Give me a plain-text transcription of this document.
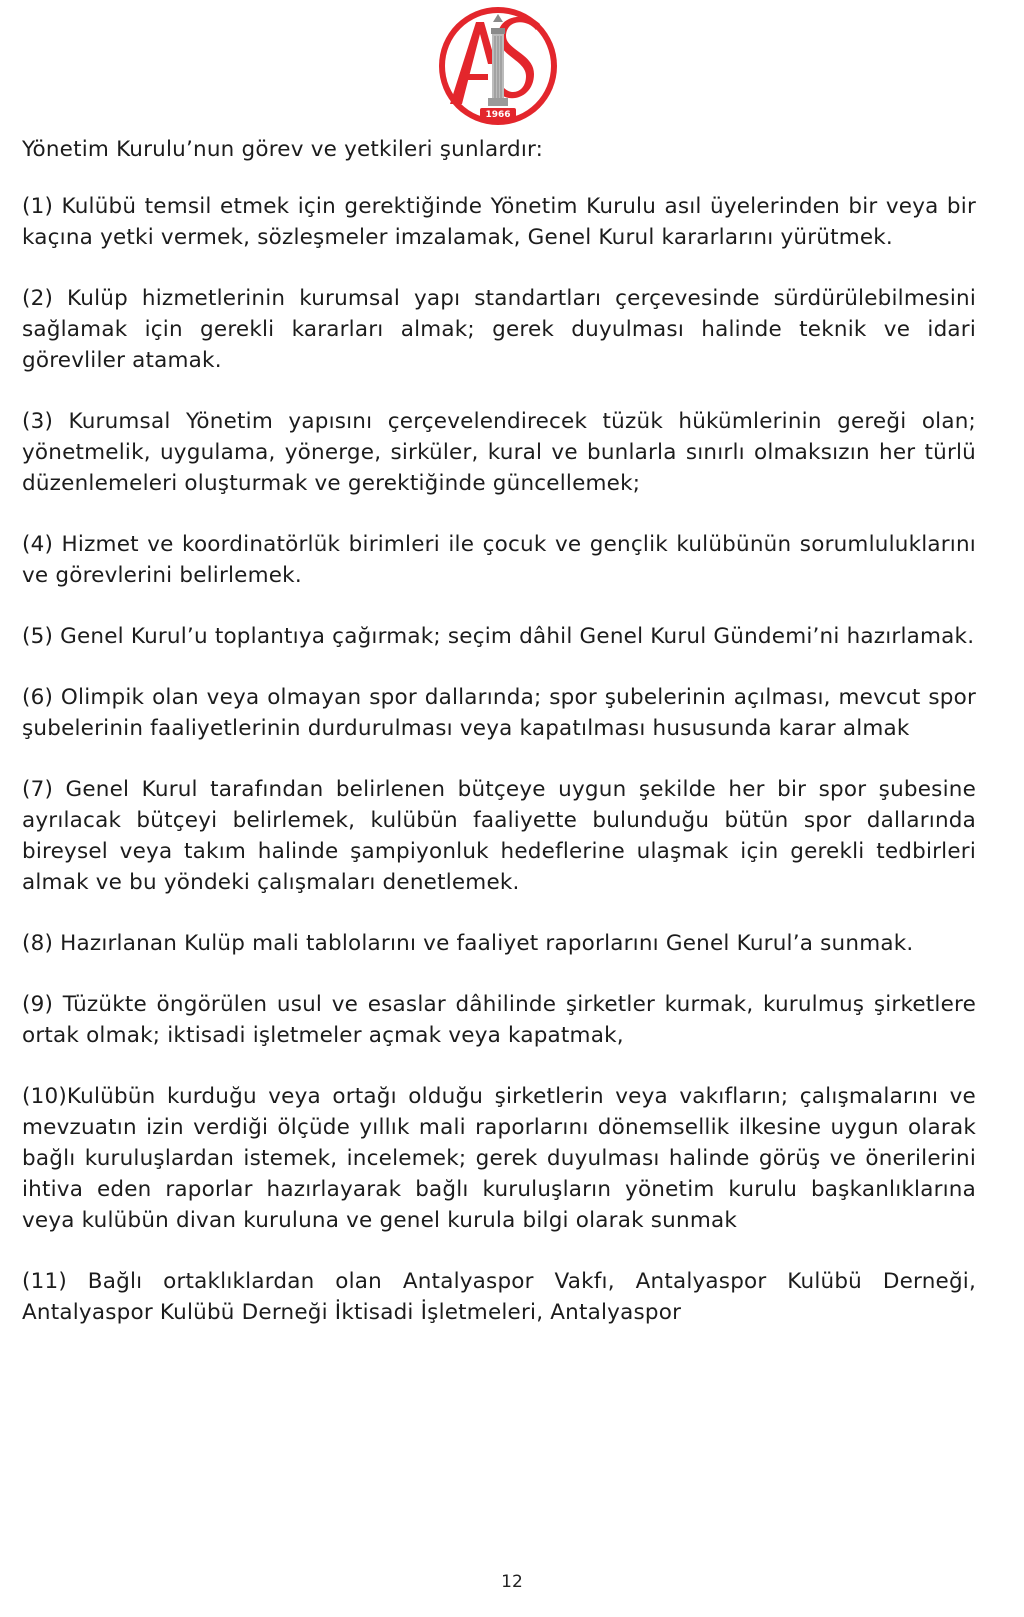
1966

Yönetim Kurulu’nun görev ve yetkileri şunlardır:

(1) Kulübü temsil etmek için gerektiğinde Yönetim Kurulu asıl üyelerinden bir veya bir kaçına yetki vermek, sözleşmeler imzalamak, Genel Kurul kararlarını yürütmek.

(2) Kulüp hizmetlerinin kurumsal yapı standartları çerçevesinde sürdürülebilmesini sağlamak için gerekli kararları almak; gerek duyulması halinde teknik ve idari görevliler atamak.

(3) Kurumsal Yönetim yapısını çerçevelendirecek tüzük hükümlerinin gereği olan; yönetmelik, uygulama, yönerge, sirküler, kural ve bunlarla sınırlı olmaksızın her türlü düzenlemeleri oluşturmak ve gerektiğinde güncellemek;

(4) Hizmet ve koordinatörlük birimleri ile çocuk ve gençlik kulübünün sorumluluklarını ve görevlerini belirlemek.

(5) Genel Kurul’u toplantıya çağırmak; seçim dâhil Genel Kurul Gündemi’ni hazırlamak.

(6) Olimpik olan veya olmayan spor dallarında; spor şubelerinin açılması, mevcut spor şubelerinin faaliyetlerinin durdurulması veya kapatılması hususunda karar almak

(7) Genel Kurul tarafından belirlenen bütçeye uygun şekilde her bir spor şubesine ayrılacak bütçeyi belirlemek, kulübün faaliyette bulunduğu bütün spor dallarında bireysel veya takım halinde şampiyonluk hedeflerine ulaşmak için gerekli tedbirleri almak ve bu yöndeki çalışmaları denetlemek.

(8) Hazırlanan Kulüp mali tablolarını ve faaliyet raporlarını Genel Kurul’a sunmak.

(9) Tüzükte öngörülen usul ve esaslar dâhilinde şirketler kurmak, kurulmuş şirketlere ortak olmak; iktisadi işletmeler açmak veya kapatmak,

(10)Kulübün kurduğu veya ortağı olduğu şirketlerin veya vakıfların; çalışmalarını ve mevzuatın izin verdiği ölçüde yıllık mali raporlarını dönemsellik ilkesine uygun olarak bağlı kuruluşlardan istemek, incelemek; gerek duyulması halinde görüş ve önerilerini ihtiva eden raporlar hazırlayarak bağlı kuruluşların yönetim kurulu başkanlıklarına veya kulübün divan kuruluna ve genel kurula bilgi olarak sunmak

(11) Bağlı ortaklıklardan olan Antalyaspor Vakfı, Antalyaspor Kulübü Derneği, Antalyaspor Kulübü Derneği İktisadi İşletmeleri, Antalyaspor

12
